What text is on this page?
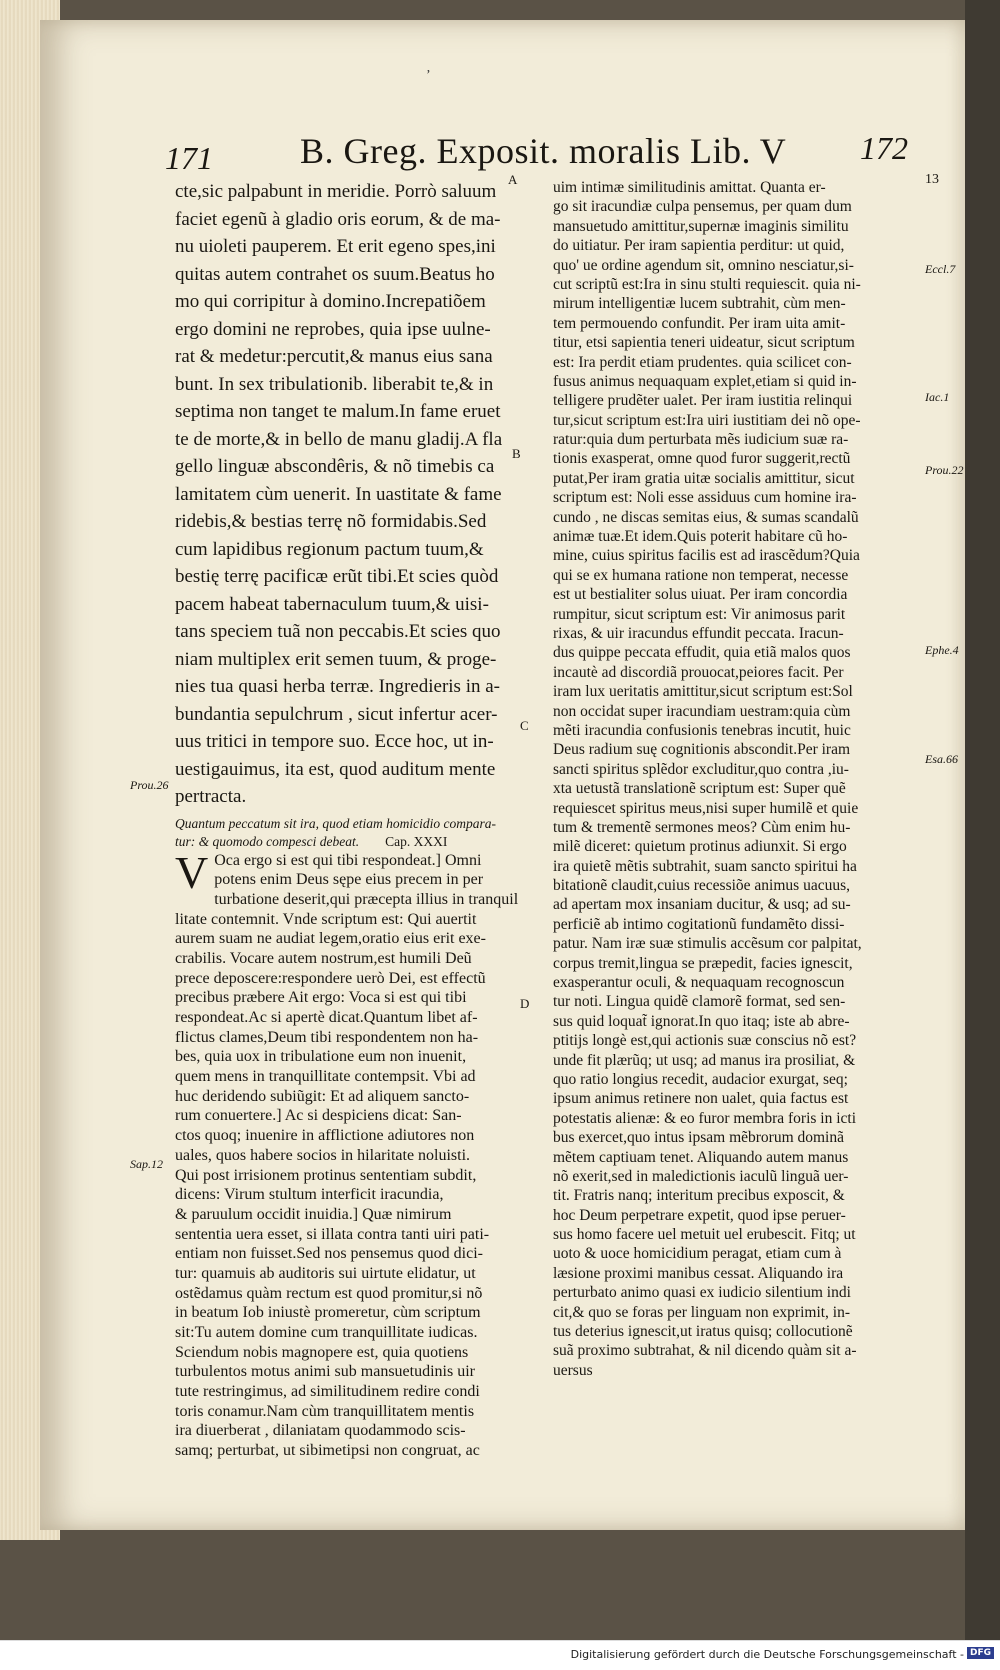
ʼ
171 B. Greg. Exposit. moralis Lib. V 172
A
B
C
D
Prou.26
Sap.12
13
Eccl.7
Iac.1
Prou.22
Ephe.4
Esa.66
cte,sic palpabunt in meridie. Porrò saluum
faciet egenũ à gladio oris eorum, & de ma-
nu uioleti pauperem. Et erit egeno spes,ini
quitas autem contrahet os suum.Beatus ho
mo qui corripitur à domino.Increpatiõem
ergo domini ne reprobes, quia ipse uulne-
rat & medetur:percutit,& manus eius sana
bunt. In sex tribulationib. liberabit te,& in
septima non tanget te malum.In fame eruet
te de morte,& in bello de manu gladij.A fla
gello linguæ abscondêris, & nõ timebis ca
lamitatem cùm uenerit. In uastitate & fame
ridebis,& bestias terrę nõ formidabis.Sed
cum lapidibus regionum pactum tuum,&
bestię terrę pacificæ erũt tibi.Et scies quòd
pacem habeat tabernaculum tuum,& uisi-
tans speciem tuã non peccabis.Et scies quo
niam multiplex erit semen tuum, & proge-
nies tua quasi herba terræ. Ingredieris in a-
bundantia sepulchrum , sicut infertur acer-
uus tritici in tempore suo. Ecce hoc, ut in-
uestigauimus, ita est, quod auditum mente
pertracta.
Quantum peccatum sit ira, quod etiam homicidio compara-
tur: & quomodo compesci debeat. Cap. XXXI
V Oca ergo si est qui tibi respondeat.] Omni
potens enim Deus sępe eius precem in per
turbatione deserit,qui præcepta illius in tranquil
litate contemnit. Vnde scriptum est: Qui auertit
aurem suam ne audiat legem,oratio eius erit exe-
crabilis. Vocare autem nostrum,est humili Deũ
prece deposcere:respondere uerò Dei, est effectũ
precibus præbere Ait ergo: Voca si est qui tibi
respondeat.Ac si apertè dicat.Quantum libet af-
flictus clames,Deum tibi respondentem non ha-
bes, quia uox in tribulatione eum non inuenit,
quem mens in tranquillitate contempsit. Vbi ad
huc deridendo subiũgit: Et ad aliquem sancto-
rum conuertere.] Ac si despiciens dicat: San-
ctos quoq; inuenire in afflictione adiutores non
uales, quos habere socios in hilaritate noluisti.
Qui post irrisionem protinus sententiam subdit,
dicens: Virum stultum interficit iracundia,
& paruulum occidit inuidia.] Quæ nimirum
sententia uera esset, si illata contra tanti uiri pati-
entiam non fuisset.Sed nos pensemus quod dici-
tur: quamuis ab auditoris sui uirtute elidatur, ut
ostẽdamus quàm rectum est quod promitur,si nõ
in beatum Iob iniustè promeretur, cùm scriptum
sit:Tu autem domine cum tranquillitate iudicas.
Sciendum nobis magnopere est, quia quotiens
turbulentos motus animi sub mansuetudinis uir
tute restringimus, ad similitudinem redire condi
toris conamur.Nam cùm tranquillitatem mentis
ira diuerberat , dilaniatam quodammodo scis-
samq; perturbat, ut sibimetipsi non congruat, ac
uim intimæ similitudinis amittat. Quanta er-
go sit iracundiæ culpa pensemus, per quam dum
mansuetudo amittitur,supernæ imaginis similitu
do uitiatur. Per iram sapientia perditur: ut quid,
quo' ue ordine agendum sit, omnino nesciatur,si-
cut scriptũ est:Ira in sinu stulti requiescit. quia ni-
mirum intelligentiæ lucem subtrahit, cùm men-
tem permouendo confundit. Per iram uita amit-
titur, etsi sapientia teneri uideatur, sicut scriptum
est: Ira perdit etiam prudentes. quia scilicet con-
fusus animus nequaquam explet,etiam si quid in-
telligere prudẽter ualet. Per iram iustitia relinqui
tur,sicut scriptum est:Ira uiri iustitiam dei nõ ope-
ratur:quia dum perturbata mẽs iudicium suæ ra-
tionis exasperat, omne quod furor suggerit,rectũ
putat,Per iram gratia uitæ socialis amittitur, sicut
scriptum est: Noli esse assiduus cum homine ira-
cundo , ne discas semitas eius, & sumas scandalũ
animæ tuæ.Et idem.Quis poterit habitare cũ ho-
mine, cuius spiritus facilis est ad irascẽdum?Quia
qui se ex humana ratione non temperat, necesse
est ut bestialiter solus uiuat. Per iram concordia
rumpitur, sicut scriptum est: Vir animosus parit
rixas, & uir iracundus effundit peccata. Iracun-
dus quippe peccata effudit, quia etiã malos quos
incautè ad discordiã prouocat,peiores facit. Per
iram lux ueritatis amittitur,sicut scriptum est:Sol
non occidat super iracundiam uestram:quia cùm
mẽti iracundia confusionis tenebras incutit, huic
Deus radium suę cognitionis abscondit.Per iram
sancti spiritus splẽdor excluditur,quo contra ,iu-
xta uetustã translationẽ scriptum est: Super quẽ
requiescet spiritus meus,nisi super humilẽ et quie
tum & trementẽ sermones meos? Cùm enim hu-
milẽ diceret: quietum protinus adiunxit. Si ergo
ira quietẽ mẽtis subtrahit, suam sancto spiritui ha
bitationẽ claudit,cuius recessiõe animus uacuus,
ad apertam mox insaniam ducitur, & usq; ad su-
perficiẽ ab intimo cogitationũ fundamẽto dissi-
patur. Nam iræ suæ stimulis accẽsum cor palpitat,
corpus tremit,lingua se præpedit, facies ignescit,
exasperantur oculi, & nequaquam recognoscun
tur noti. Lingua quidẽ clamorẽ format, sed sen-
sus quid loquat̃ ignorat.In quo itaq; iste ab abre-
ptitijs longè est,qui actionis suæ conscius nõ est?
unde fit plærũq; ut usq; ad manus ira prosiliat, &
quo ratio longius recedit, audacior exurgat, seq;
ipsum animus retinere non ualet, quia factus est
potestatis alienæ: & eo furor membra foris in icti
bus exercet,quo intus ipsam mẽbrorum dominã
mẽtem captiuam tenet. Aliquando autem manus
nõ exerit,sed in maledictionis iaculũ linguã uer-
tit. Fratris nanq; interitum precibus exposcit, &
hoc Deum perpetrare expetit, quod ipse peruer-
sus homo facere uel metuit uel erubescit. Fitq; ut
uoto & uoce homicidium peragat, etiam cum à
læsione proximi manibus cessat. Aliquando ira
perturbato animo quasi ex iudicio silentium indi
cit,& quo se foras per linguam non exprimit, in-
tus deterius ignescit,ut iratus quisq; collocutionẽ
suã proximo subtrahat, & nil dicendo quàm sit a-
uersus
Digitalisierung gefördert durch die Deutsche Forschungsgemeinschaft - DFG
